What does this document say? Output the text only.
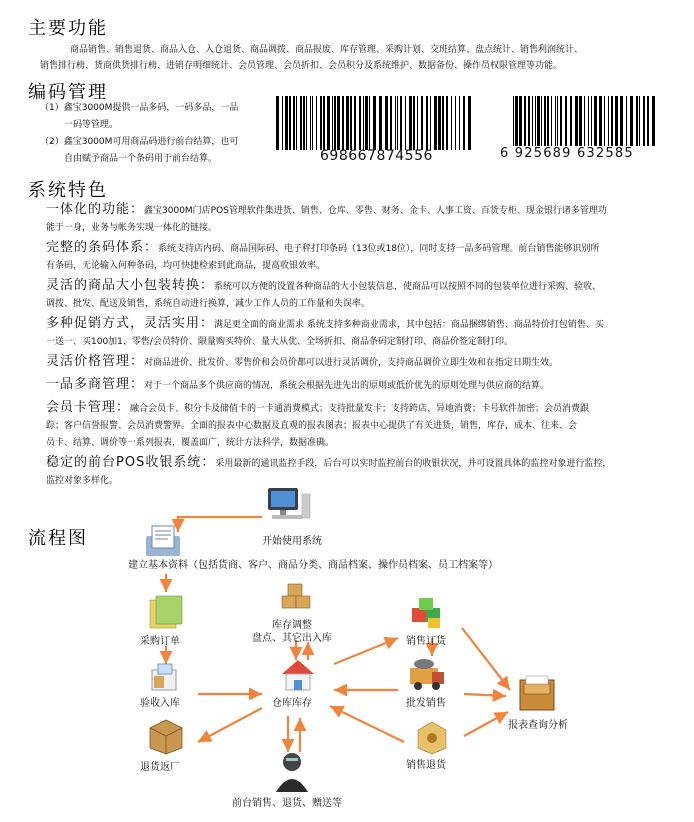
主要功能
商品销售、销售退货、商品入仓、入仓退货、商品调拨、商品报废、库存管理、采购计划、交班结算、盘点统计、销售利润统计、
销售排行榜、货商供货排行榜、进销存明细统计、会员管理、会员折扣、会员积分及系统维护、数据备份、操作员权限管理等功能。
编码管理
（1）鑫宝3000M提供一品多码，一码多品，一品
一码等管理。
（2）鑫宝3000M可用商品码进行前台结算，也可
自由赋予商品一个条码用于前台结算。	698667874556	6 925689 632585
系统特色
一体化的功能：鑫宝3000M门店POS管理软件集进货、销售、仓库、零售、财务、金卡、人事工资、百货专柜、现金银行诸多管理功
能于一身，业务与帐务实现一体化的链接。
完整的条码体系：系统支持店内码、商品国际码、电子秤打印条码（13位或18位），同时支持一品多码管理。前台销售能够识别所
有条码，无论输入何种条码，均可快捷检索到此商品，提高收银效率。
灵活的商品大小包装转换：系统可以方便的设置各种商品的大小包装信息，使商品可以按照不同的包装单位进行采购、验收、
调拨、批发、配送及销售，系统自动进行换算，减少工作人员的工作量和失误率。
多种促销方式，灵活实用：满足更全面的商业需求 系统支持多种商业需求，其中包括：商品捆绑销售、商品特价打包销售、买
一送一、买100加1、零售/会员特价、限量购买特价、量大从优、全场折扣、商品条码定制打印、商品价签定制打印。
灵活价格管理：对商品进价、批发价、零售价和会员价都可以进行灵活调价，支持商品调价立即生效和在指定日期生效。
一品多商管理：对于一个商品多个供应商的情况，系统会根据先进先出的原则或低价优先的原则处理与供应商的结算。
会员卡管理：融合会员卡、积分卡及储值卡的一卡通消费模式；支持批量发卡；支持跨店、异地消费；卡号软件加密；会员消费跟
踪；客户信誉报警、会员消费警界。全面的报表中心数据及直观的报表图表；报表中心提供了有关进货，销售，库存，成本、往来、会
员卡、结算、调价等一系列报表，覆盖面广，统计方法科学，数据准确。
稳定的前台POS收银系统：采用最新的通讯监控手段，后台可以实时监控前台的收银状况，并可设置具体的监控对象进行监控，
监控对象多样化。
流程图	开始使用系统
建立基本资料（包括货商、客户、商品分类、商品档案、操作员档案、员工档案等）
采购订单
验收入库
退货返厂
库存调整
盘点、其它出入库
仓库库存
前台销售、退货、赠送等
销售订货
批发销售
销售退货
报表查询分析
